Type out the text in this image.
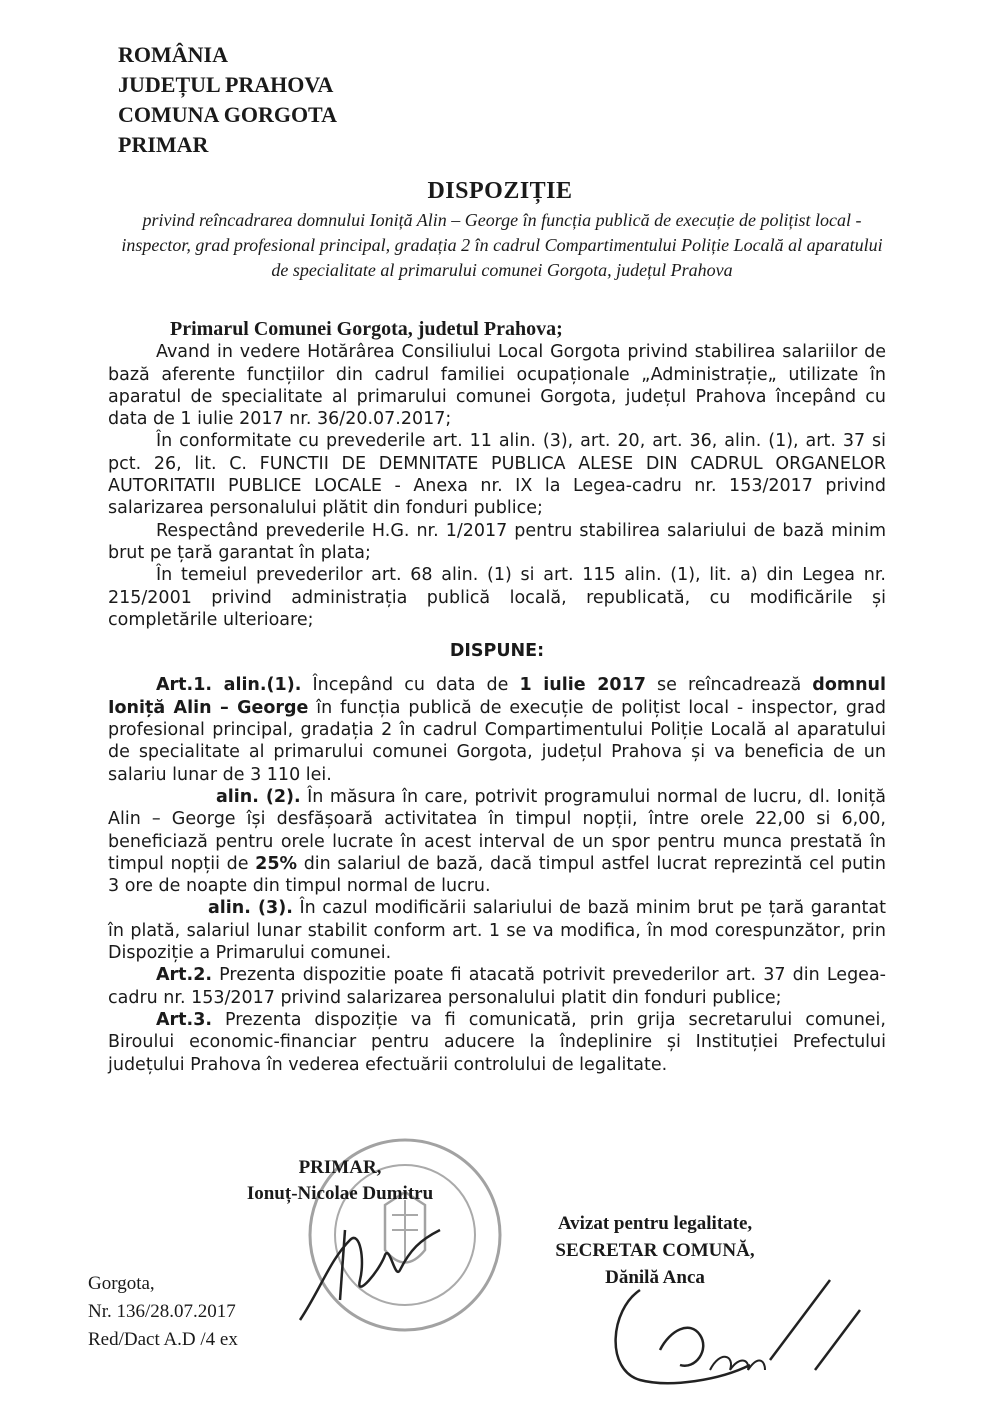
ROMÂNIA
JUDEȚUL PRAHOVA
COMUNA GORGOTA
PRIMAR
DISPOZIȚIE
privind reîncadrarea domnului Ioniță Alin – George în funcția publică de execuție de polițist local - inspector, grad profesional principal, gradația 2 în cadrul Compartimentului Poliție Locală al aparatului de specialitate al primarului comunei Gorgota, județul Prahova

Primarul Comunei Gorgota, judetul Prahova;

Avand in vedere Hotărârea Consiliului Local Gorgota privind stabilirea salariilor de bază aferente funcțiilor din cadrul familiei ocupaționale „Administrație„ utilizate în aparatul de specialitate al primarului comunei Gorgota, județul Prahova începând cu data de 1 iulie 2017 nr. 36/20.07.2017;

În conformitate cu prevederile art. 11 alin. (3), art. 20, art. 36, alin. (1), art. 37 si pct. 26, lit. C. FUNCTII DE DEMNITATE PUBLICA ALESE DIN CADRUL ORGANELOR AUTORITATII PUBLICE LOCALE - Anexa nr. IX la Legea-cadru nr. 153/2017 privind salarizarea personalului plătit din fonduri publice;

Respectând prevederile H.G. nr. 1/2017 pentru stabilirea salariului de bază minim brut pe țară garantat în plata;

În temeiul prevederilor art. 68 alin. (1) si art. 115 alin. (1), lit. a) din Legea nr. 215/2001 privind administrația publică locală, republicată, cu modificările și completările ulterioare;

DISPUNE:

Art.1. alin.(1). Începând cu data de 1 iulie 2017 se reîncadrează domnul Ioniță Alin – George în funcția publică de execuție de polițist local - inspector, grad profesional principal, gradația 2 în cadrul Compartimentului Poliție Locală al aparatului de specialitate al primarului comunei Gorgota, județul Prahova și va beneficia de un salariu lunar de 3 110 lei.

alin. (2). În măsura în care, potrivit programului normal de lucru, dl. Ioniță Alin – George își desfășoară activitatea în timpul nopții, între orele 22,00 si 6,00, beneficiază pentru orele lucrate în acest interval de un spor pentru munca prestată în timpul nopții de 25% din salariul de bază, dacă timpul astfel lucrat reprezintă cel putin 3 ore de noapte din timpul normal de lucru.

alin. (3). În cazul modificării salariului de bază minim brut pe țară garantat în plată, salariul lunar stabilit conform art. 1 se va modifica, în mod corespunzător, prin Dispoziție a Primarului comunei.

Art.2. Prezenta dispozitie poate fi atacată potrivit prevederilor art. 37 din Legea-cadru nr. 153/2017 privind salarizarea personalului platit din fonduri publice;

Art.3. Prezenta dispoziție va fi comunicată, prin grija secretarului comunei, Biroului economic-financiar pentru aducere la îndeplinire și Instituției Prefectului județului Prahova în vederea efectuării controlului de legalitate.

PRIMAR,
Ionuț-Nicolae Dumitru
Avizat pentru legalitate,
SECRETAR COMUNĂ,
Dănilă Anca
Gorgota,
Nr. 136/28.07.2017
Red/Dact A.D /4 ex
